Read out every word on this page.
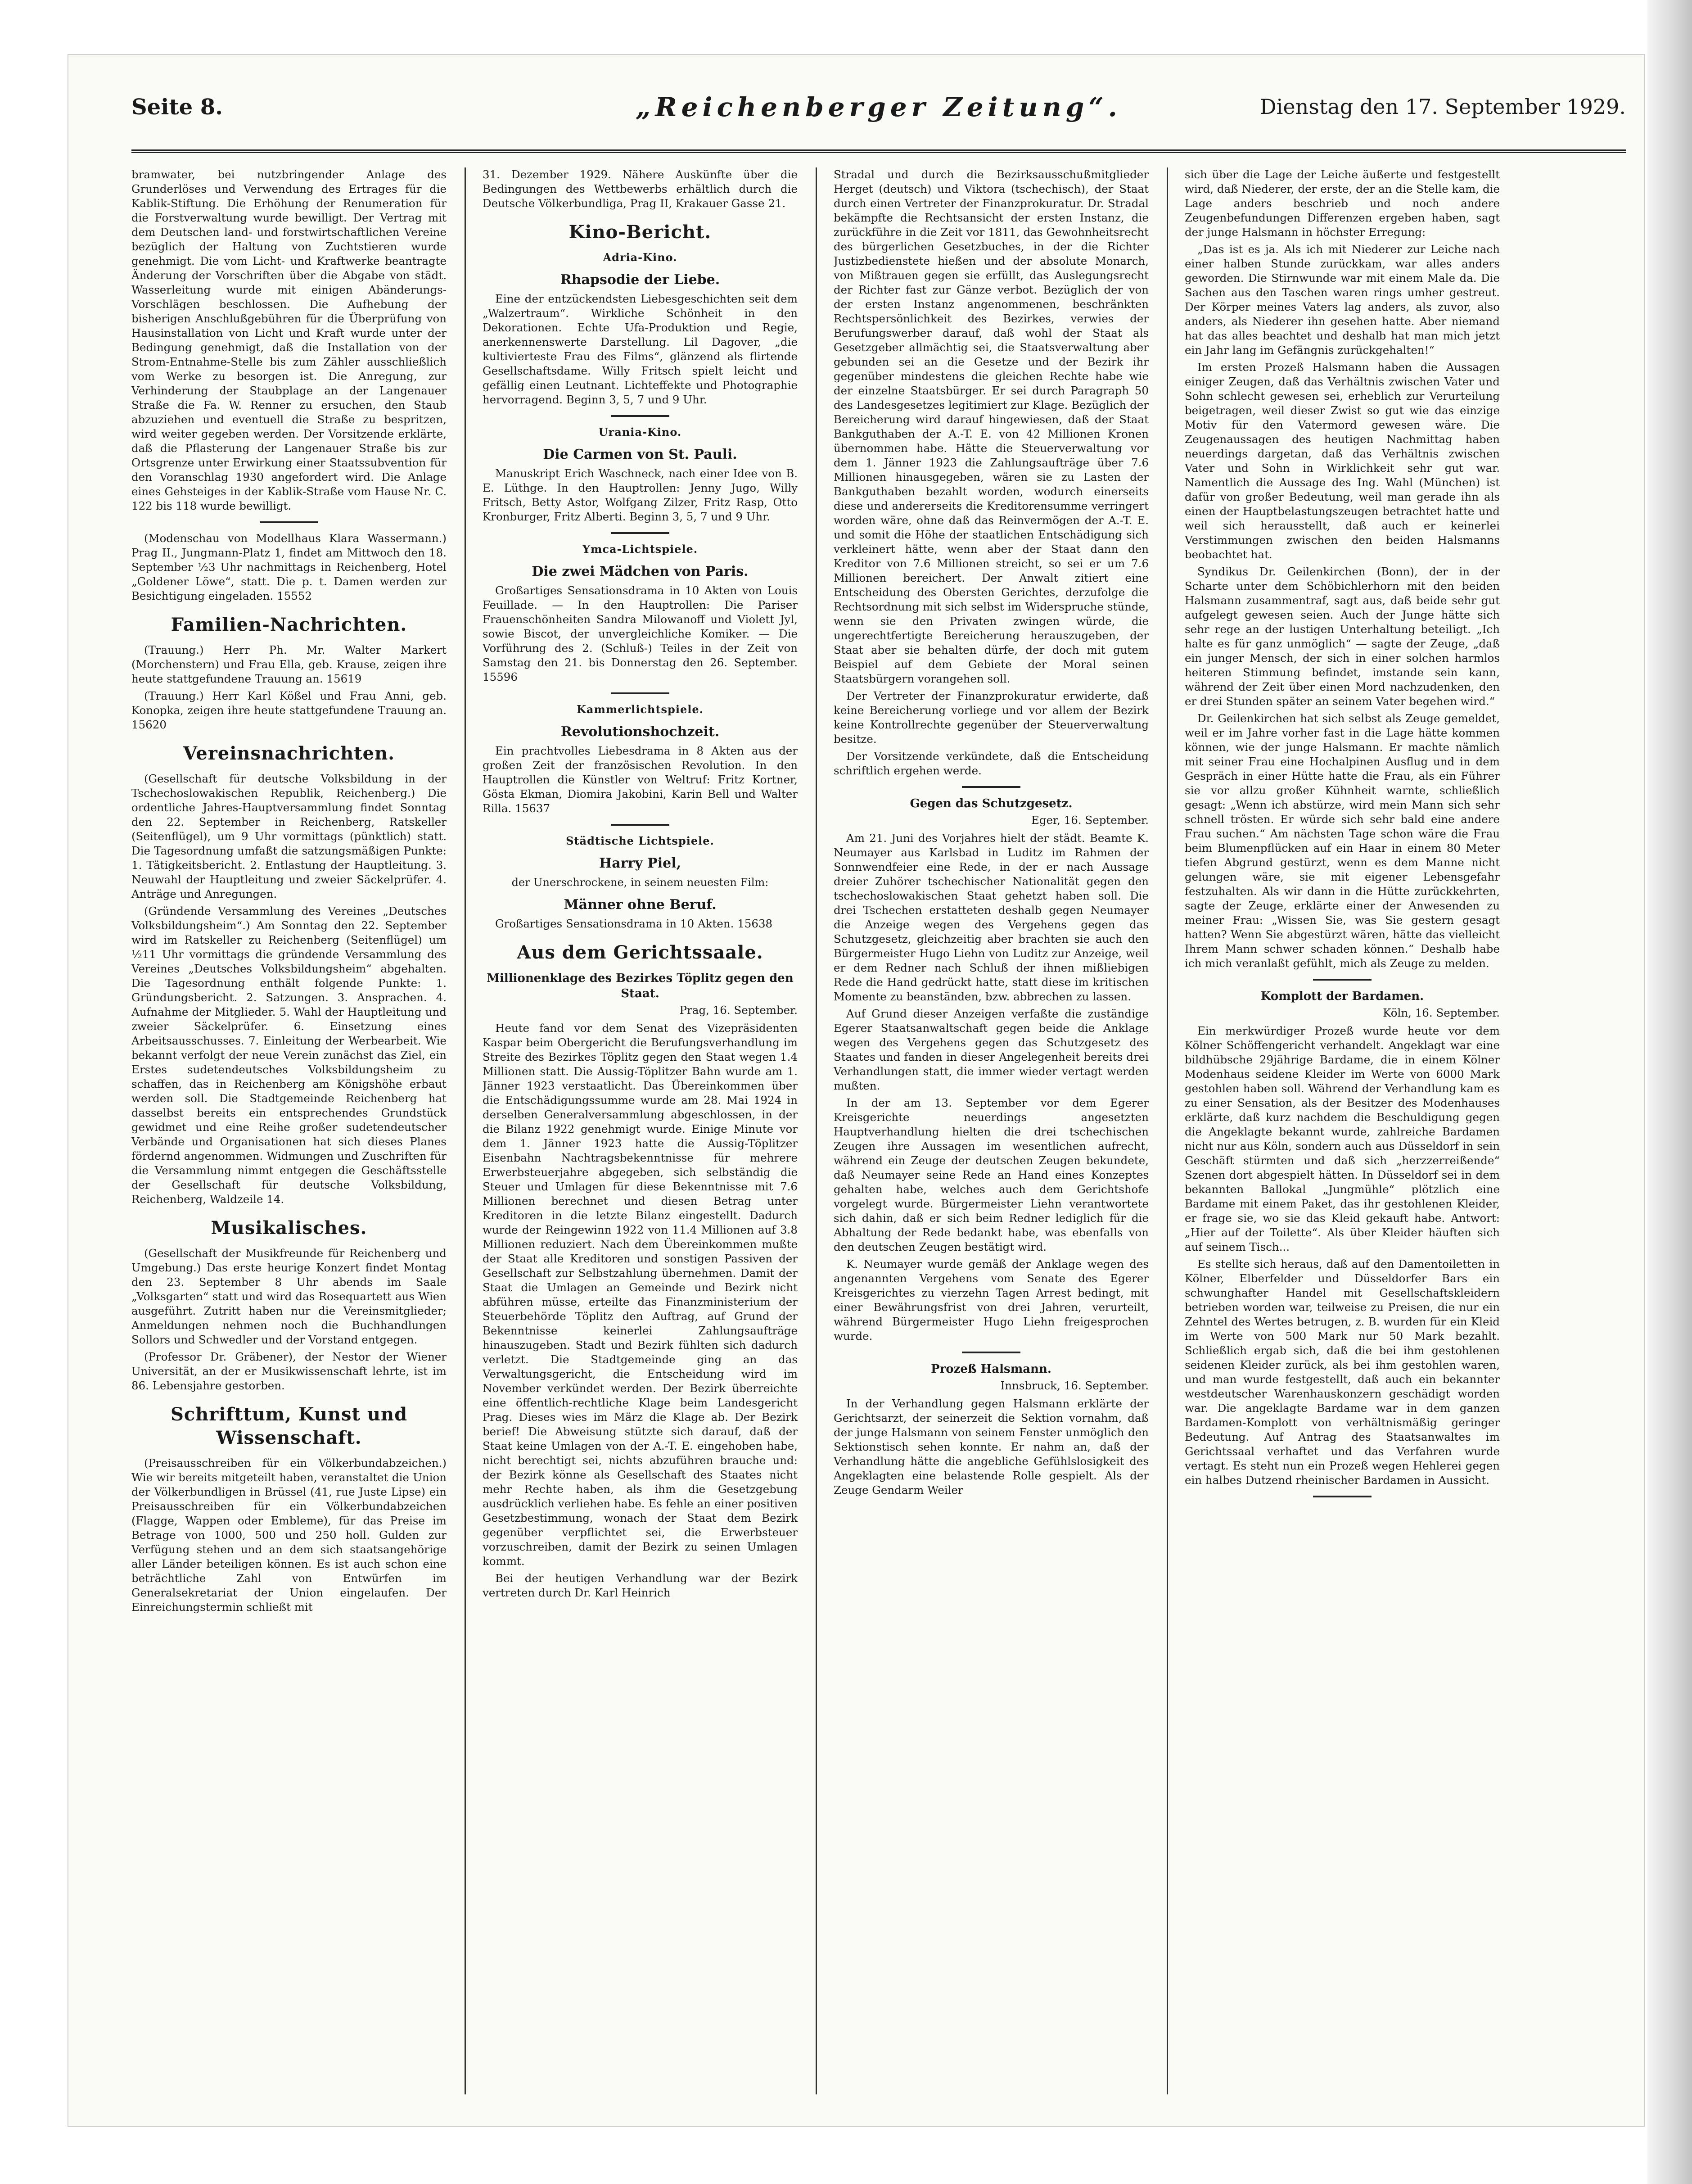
Seite 8.	„Reichenberger Zeitung“.	Dienstag den 17. September 1929.

bramwater, bei nutzbringender Anlage des Grunderlöses und Verwendung des Ertrages für die Kablik-Stiftung. Die Erhöhung der Renumeration für die Forstverwaltung wurde bewilligt. Der Vertrag mit dem Deutschen land- und forstwirtschaftlichen Vereine bezüglich der Haltung von Zuchtstieren wurde genehmigt. Die vom Licht- und Kraftwerke beantragte Änderung der Vorschriften über die Abgabe von städt. Wasserleitung wurde mit einigen Abänderungs-Vorschlägen beschlossen. Die Aufhebung der bisherigen Anschlußgebühren für die Überprüfung von Hausinstallation von Licht und Kraft wurde unter der Bedingung genehmigt, daß die Installation von der Strom-Entnahme-Stelle bis zum Zähler ausschließlich vom Werke zu besorgen ist. Die Anregung, zur Verhinderung der Staubplage an der Langenauer Straße die Fa. W. Renner zu ersuchen, den Staub abzuziehen und eventuell die Straße zu bespritzen, wird weiter gegeben werden. Der Vorsitzende erklärte, daß die Pflasterung der Langenauer Straße bis zur Ortsgrenze unter Erwirkung einer Staatssubvention für den Voranschlag 1930 angefordert wird. Die Anlage eines Gehsteiges in der Kablik-Straße vom Hause Nr. C. 122 bis 118 wurde bewilligt.

(Modenschau von Modellhaus Klara Wassermann.) Prag II., Jungmann-Platz 1, findet am Mittwoch den 18. September ½3 Uhr nachmittags in Reichenberg, Hotel „Goldener Löwe“, statt. Die p. t. Damen werden zur Besichtigung eingeladen. 15552

Familien-Nachrichten.

(Trauung.) Herr Ph. Mr. Walter Markert (Morchenstern) und Frau Ella, geb. Krause, zeigen ihre heute stattgefundene Trauung an. 15619

(Trauung.) Herr Karl Kößel und Frau Anni, geb. Konopka, zeigen ihre heute stattgefundene Trauung an. 15620

Vereinsnachrichten.

(Gesellschaft für deutsche Volksbildung in der Tschechoslowakischen Republik, Reichenberg.) Die ordentliche Jahres-Hauptversammlung findet Sonntag den 22. September in Reichenberg, Ratskeller (Seitenflügel), um 9 Uhr vormittags (pünktlich) statt. Die Tagesordnung umfaßt die satzungsmäßigen Punkte: 1. Tätigkeitsbericht. 2. Entlastung der Hauptleitung. 3. Neuwahl der Hauptleitung und zweier Säckelprüfer. 4. Anträge und Anregungen.

(Gründende Versammlung des Vereines „Deutsches Volksbildungsheim“.) Am Sonntag den 22. September wird im Ratskeller zu Reichenberg (Seitenflügel) um ½11 Uhr vormittags die gründende Versammlung des Vereines „Deutsches Volksbildungsheim“ abgehalten. Die Tagesordnung enthält folgende Punkte: 1. Gründungsbericht. 2. Satzungen. 3. Ansprachen. 4. Aufnahme der Mitglieder. 5. Wahl der Hauptleitung und zweier Säckelprüfer. 6. Einsetzung eines Arbeitsausschusses. 7. Einleitung der Werbearbeit. Wie bekannt verfolgt der neue Verein zunächst das Ziel, ein Erstes sudetendeutsches Volksbildungsheim zu schaffen, das in Reichenberg am Königshöhe erbaut werden soll. Die Stadtgemeinde Reichenberg hat dasselbst bereits ein entsprechendes Grundstück gewidmet und eine Reihe großer sudetendeutscher Verbände und Organisationen hat sich dieses Planes fördernd angenommen. Widmungen und Zuschriften für die Versammlung nimmt entgegen die Geschäftsstelle der Gesellschaft für deutsche Volksbildung, Reichenberg, Waldzeile 14.

Musikalisches.

(Gesellschaft der Musikfreunde für Reichenberg und Umgebung.) Das erste heurige Konzert findet Montag den 23. September 8 Uhr abends im Saale „Volksgarten“ statt und wird das Rosequartett aus Wien ausgeführt. Zutritt haben nur die Vereinsmitglieder; Anmeldungen nehmen noch die Buchhandlungen Sollors und Schwedler und der Vorstand entgegen.

(Professor Dr. Gräbener), der Nestor der Wiener Universität, an der er Musikwissenschaft lehrte, ist im 86. Lebensjahre gestorben.

Schrifttum, Kunst und Wissenschaft.

(Preisausschreiben für ein Völkerbundabzeichen.) Wie wir bereits mitgeteilt haben, veranstaltet die Union der Völkerbundligen in Brüssel (41, rue Juste Lipse) ein Preisausschreiben für ein Völkerbundabzeichen (Flagge, Wappen oder Embleme), für das Preise im Betrage von 1000, 500 und 250 holl. Gulden zur Verfügung stehen und an dem sich staatsangehörige aller Länder beteiligen können. Es ist auch schon eine beträchtliche Zahl von Entwürfen im Generalsekretariat der Union eingelaufen. Der Einreichungstermin schließt mit

31. Dezember 1929. Nähere Auskünfte über die Bedingungen des Wettbewerbs erhältlich durch die Deutsche Völkerbundliga, Prag II, Krakauer Gasse 21.

Kino-Bericht.
Adria-Kino.
Rhapsodie der Liebe.

Eine der entzückendsten Liebesgeschichten seit dem „Walzertraum“. Wirkliche Schönheit in den Dekorationen. Echte Ufa-Produktion und Regie, anerkennenswerte Darstellung. Lil Dagover, „die kultivierteste Frau des Films“, glänzend als flirtende Gesellschaftsdame. Willy Fritsch spielt leicht und gefällig einen Leutnant. Lichteffekte und Photographie hervorragend. Beginn 3, 5, 7 und 9 Uhr.

Urania-Kino.
Die Carmen von St. Pauli.

Manuskript Erich Waschneck, nach einer Idee von B. E. Lüthge. In den Hauptrollen: Jenny Jugo, Willy Fritsch, Betty Astor, Wolfgang Zilzer, Fritz Rasp, Otto Kronburger, Fritz Alberti. Beginn 3, 5, 7 und 9 Uhr.

Ymca-Lichtspiele.
Die zwei Mädchen von Paris.

Großartiges Sensationsdrama in 10 Akten von Louis Feuillade. — In den Hauptrollen: Die Pariser Frauenschönheiten Sandra Milowanoff und Violett Jyl, sowie Biscot, der unvergleichliche Komiker. — Die Vorführung des 2. (Schluß-) Teiles in der Zeit von Samstag den 21. bis Donnerstag den 26. September. 15596

Kammerlichtspiele.
Revolutionshochzeit.

Ein prachtvolles Liebesdrama in 8 Akten aus der großen Zeit der französischen Revolution. In den Hauptrollen die Künstler von Weltruf: Fritz Kortner, Gösta Ekman, Diomira Jakobini, Karin Bell und Walter Rilla. 15637

Städtische Lichtspiele.
Harry Piel,
der Unerschrockene, in seinem neuesten Film:
Männer ohne Beruf.

Großartiges Sensationsdrama in 10 Akten. 15638

Aus dem Gerichtssaale.
Millionenklage des Bezirkes Töplitz gegen den Staat.
Prag, 16. September.

Heute fand vor dem Senat des Vizepräsidenten Kaspar beim Obergericht die Berufungsverhandlung im Streite des Bezirkes Töplitz gegen den Staat wegen 1.4 Millionen statt. Die Aussig-Töplitzer Bahn wurde am 1. Jänner 1923 verstaatlicht. Das Übereinkommen über die Entschädigungssumme wurde am 28. Mai 1924 in derselben Generalversammlung abgeschlossen, in der die Bilanz 1922 genehmigt wurde. Einige Minute vor dem 1. Jänner 1923 hatte die Aussig-Töplitzer Eisenbahn Nachtragsbekenntnisse für mehrere Erwerbsteuerjahre abgegeben, sich selbständig die Steuer und Umlagen für diese Bekenntnisse mit 7.6 Millionen berechnet und diesen Betrag unter Kreditoren in die letzte Bilanz eingestellt. Dadurch wurde der Reingewinn 1922 von 11.4 Millionen auf 3.8 Millionen reduziert. Nach dem Übereinkommen mußte der Staat alle Kreditoren und sonstigen Passiven der Gesellschaft zur Selbstzahlung übernehmen. Damit der Staat die Umlagen an Gemeinde und Bezirk nicht abführen müsse, erteilte das Finanzministerium der Steuerbehörde Töplitz den Auftrag, auf Grund der Bekenntnisse keinerlei Zahlungsaufträge hinauszugeben. Stadt und Bezirk fühlten sich dadurch verletzt. Die Stadtgemeinde ging an das Verwaltungsgericht, die Entscheidung wird im November verkündet werden. Der Bezirk überreichte eine öffentlich-rechtliche Klage beim Landesgericht Prag. Dieses wies im März die Klage ab. Der Bezirk berief! Die Abweisung stützte sich darauf, daß der Staat keine Umlagen von der A.-T. E. eingehoben habe, nicht berechtigt sei, nichts abzuführen brauche und: der Bezirk könne als Gesellschaft des Staates nicht mehr Rechte haben, als ihm die Gesetzgebung ausdrücklich verliehen habe. Es fehle an einer positiven Gesetzbestimmung, wonach der Staat dem Bezirk gegenüber verpflichtet sei, die Erwerbsteuer vorzuschreiben, damit der Bezirk zu seinen Umlagen kommt.

Bei der heutigen Verhandlung war der Bezirk vertreten durch Dr. Karl Heinrich

Stradal und durch die Bezirksausschußmitglieder Herget (deutsch) und Viktora (tschechisch), der Staat durch einen Vertreter der Finanzprokuratur. Dr. Stradal bekämpfte die Rechtsansicht der ersten Instanz, die zurückführe in die Zeit vor 1811, das Gewohnheitsrecht des bürgerlichen Gesetzbuches, in der die Richter Justizbedienstete hießen und der absolute Monarch, von Mißtrauen gegen sie erfüllt, das Auslegungsrecht der Richter fast zur Gänze verbot. Bezüglich der von der ersten Instanz angenommenen, beschränkten Rechtspersönlichkeit des Bezirkes, verwies der Berufungswerber darauf, daß wohl der Staat als Gesetzgeber allmächtig sei, die Staatsverwaltung aber gebunden sei an die Gesetze und der Bezirk ihr gegenüber mindestens die gleichen Rechte habe wie der einzelne Staatsbürger. Er sei durch Paragraph 50 des Landesgesetzes legitimiert zur Klage. Bezüglich der Bereicherung wird darauf hingewiesen, daß der Staat Bankguthaben der A.-T. E. von 42 Millionen Kronen übernommen habe. Hätte die Steuerverwaltung vor dem 1. Jänner 1923 die Zahlungsaufträge über 7.6 Millionen hinausgegeben, wären sie zu Lasten der Bankguthaben bezahlt worden, wodurch einerseits diese und andererseits die Kreditorensumme verringert worden wäre, ohne daß das Reinvermögen der A.-T. E. und somit die Höhe der staatlichen Entschädigung sich verkleinert hätte, wenn aber der Staat dann den Kreditor von 7.6 Millionen streicht, so sei er um 7.6 Millionen bereichert. Der Anwalt zitiert eine Entscheidung des Obersten Gerichtes, derzufolge die Rechtsordnung mit sich selbst im Widerspruche stünde, wenn sie den Privaten zwingen würde, die ungerechtfertigte Bereicherung herauszugeben, der Staat aber sie behalten dürfe, der doch mit gutem Beispiel auf dem Gebiete der Moral seinen Staatsbürgern vorangehen soll.

Der Vertreter der Finanzprokuratur erwiderte, daß keine Bereicherung vorliege und vor allem der Bezirk keine Kontrollrechte gegenüber der Steuerverwaltung besitze.

Der Vorsitzende verkündete, daß die Entscheidung schriftlich ergehen werde.

Gegen das Schutzgesetz.
Eger, 16. September.

Am 21. Juni des Vorjahres hielt der städt. Beamte K. Neumayer aus Karlsbad in Luditz im Rahmen der Sonnwendfeier eine Rede, in der er nach Aussage dreier Zuhörer tschechischer Nationalität gegen den tschechoslowakischen Staat gehetzt haben soll. Die drei Tschechen erstatteten deshalb gegen Neumayer die Anzeige wegen des Vergehens gegen das Schutzgesetz, gleichzeitig aber brachten sie auch den Bürgermeister Hugo Liehn von Luditz zur Anzeige, weil er dem Redner nach Schluß der ihnen mißliebigen Rede die Hand gedrückt hatte, statt diese im kritischen Momente zu beanständen, bzw. abbrechen zu lassen.

Auf Grund dieser Anzeigen verfaßte die zuständige Egerer Staatsanwaltschaft gegen beide die Anklage wegen des Vergehens gegen das Schutzgesetz des Staates und fanden in dieser Angelegenheit bereits drei Verhandlungen statt, die immer wieder vertagt werden mußten.

In der am 13. September vor dem Egerer Kreisgerichte neuerdings angesetzten Hauptverhandlung hielten die drei tschechischen Zeugen ihre Aussagen im wesentlichen aufrecht, während ein Zeuge der deutschen Zeugen bekundete, daß Neumayer seine Rede an Hand eines Konzeptes gehalten habe, welches auch dem Gerichtshofe vorgelegt wurde. Bürgermeister Liehn verantwortete sich dahin, daß er sich beim Redner lediglich für die Abhaltung der Rede bedankt habe, was ebenfalls von den deutschen Zeugen bestätigt wird.

K. Neumayer wurde gemäß der Anklage wegen des angenannten Vergehens vom Senate des Egerer Kreisgerichtes zu vierzehn Tagen Arrest bedingt, mit einer Bewährungsfrist von drei Jahren, verurteilt, während Bürgermeister Hugo Liehn freigesprochen wurde.

Prozeß Halsmann.
Innsbruck, 16. September.

In der Verhandlung gegen Halsmann erklärte der Gerichtsarzt, der seinerzeit die Sektion vornahm, daß der junge Halsmann von seinem Fenster unmöglich den Sektionstisch sehen konnte. Er nahm an, daß der Verhandlung hätte die angebliche Gefühlslosigkeit des Angeklagten eine belastende Rolle gespielt. Als der Zeuge Gendarm Weiler

sich über die Lage der Leiche äußerte und festgestellt wird, daß Niederer, der erste, der an die Stelle kam, die Lage anders beschrieb und noch andere Zeugenbefundungen Differenzen ergeben haben, sagt der junge Halsmann in höchster Erregung:

„Das ist es ja. Als ich mit Niederer zur Leiche nach einer halben Stunde zurückkam, war alles anders geworden. Die Stirnwunde war mit einem Male da. Die Sachen aus den Taschen waren rings umher gestreut. Der Körper meines Vaters lag anders, als zuvor, also anders, als Niederer ihn gesehen hatte. Aber niemand hat das alles beachtet und deshalb hat man mich jetzt ein Jahr lang im Gefängnis zurückgehalten!“

Im ersten Prozeß Halsmann haben die Aussagen einiger Zeugen, daß das Verhältnis zwischen Vater und Sohn schlecht gewesen sei, erheblich zur Verurteilung beigetragen, weil dieser Zwist so gut wie das einzige Motiv für den Vatermord gewesen wäre. Die Zeugenaussagen des heutigen Nachmittag haben neuerdings dargetan, daß das Verhältnis zwischen Vater und Sohn in Wirklichkeit sehr gut war. Namentlich die Aussage des Ing. Wahl (München) ist dafür von großer Bedeutung, weil man gerade ihn als einen der Hauptbelastungszeugen betrachtet hatte und weil sich herausstellt, daß auch er keinerlei Verstimmungen zwischen den beiden Halsmanns beobachtet hat.

Syndikus Dr. Geilenkirchen (Bonn), der in der Scharte unter dem Schöbichlerhorn mit den beiden Halsmann zusammentraf, sagt aus, daß beide sehr gut aufgelegt gewesen seien. Auch der Junge hätte sich sehr rege an der lustigen Unterhaltung beteiligt. „Ich halte es für ganz unmöglich“ — sagte der Zeuge, „daß ein junger Mensch, der sich in einer solchen harmlos heiteren Stimmung befindet, imstande sein kann, während der Zeit über einen Mord nachzudenken, den er drei Stunden später an seinem Vater begehen wird.“

Dr. Geilenkirchen hat sich selbst als Zeuge gemeldet, weil er im Jahre vorher fast in die Lage hätte kommen können, wie der junge Halsmann. Er machte nämlich mit seiner Frau eine Hochalpinen Ausflug und in dem Gespräch in einer Hütte hatte die Frau, als ein Führer sie vor allzu großer Kühnheit warnte, schließlich gesagt: „Wenn ich abstürze, wird mein Mann sich sehr schnell trösten. Er würde sich sehr bald eine andere Frau suchen.“ Am nächsten Tage schon wäre die Frau beim Blumenpflücken auf ein Haar in einem 80 Meter tiefen Abgrund gestürzt, wenn es dem Manne nicht gelungen wäre, sie mit eigener Lebensgefahr festzuhalten. Als wir dann in die Hütte zurückkehrten, sagte der Zeuge, erklärte einer der Anwesenden zu meiner Frau: „Wissen Sie, was Sie gestern gesagt hatten? Wenn Sie abgestürzt wären, hätte das vielleicht Ihrem Mann schwer schaden können.“ Deshalb habe ich mich veranlaßt gefühlt, mich als Zeuge zu melden.

Komplott der Bardamen.
Köln, 16. September.

Ein merkwürdiger Prozeß wurde heute vor dem Kölner Schöffengericht verhandelt. Angeklagt war eine bildhübsche 29jährige Bardame, die in einem Kölner Modenhaus seidene Kleider im Werte von 6000 Mark gestohlen haben soll. Während der Verhandlung kam es zu einer Sensation, als der Besitzer des Modenhauses erklärte, daß kurz nachdem die Beschuldigung gegen die Angeklagte bekannt wurde, zahlreiche Bardamen nicht nur aus Köln, sondern auch aus Düsseldorf in sein Geschäft stürmten und daß sich „herzzerreißende“ Szenen dort abgespielt hätten. In Düsseldorf sei in dem bekannten Ballokal „Jungmühle“ plötzlich eine Bardame mit einem Paket, das ihr gestohlenen Kleider, er frage sie, wo sie das Kleid gekauft habe. Antwort: „Hier auf der Toilette“. Als über Kleider häuften sich auf seinem Tisch...

Es stellte sich heraus, daß auf den Damentoiletten in Kölner, Elberfelder und Düsseldorfer Bars ein schwunghafter Handel mit Gesellschaftskleidern betrieben worden war, teilweise zu Preisen, die nur ein Zehntel des Wertes betrugen, z. B. wurden für ein Kleid im Werte von 500 Mark nur 50 Mark bezahlt. Schließlich ergab sich, daß die bei ihm gestohlenen seidenen Kleider zurück, als bei ihm gestohlen waren, und man wurde festgestellt, daß auch ein bekannter westdeutscher Warenhauskonzern geschädigt worden war. Die angeklagte Bardame war in dem ganzen Bardamen-Komplott von verhältnismäßig geringer Bedeutung. Auf Antrag des Staatsanwaltes im Gerichtssaal verhaftet und das Verfahren wurde vertagt. Es steht nun ein Prozeß wegen Hehlerei gegen ein halbes Dutzend rheinischer Bardamen in Aussicht.
